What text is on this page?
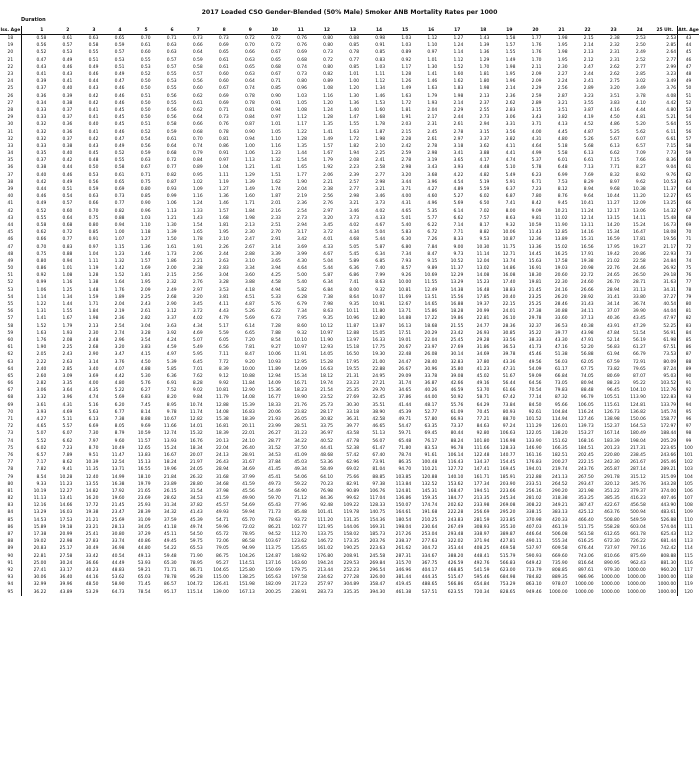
2017 Loaded CSO Gender-Blended (50% Male) Smoker ANB Mortality Rates per 1000
Duration
Iss. Age	1	2	3	4	5	6	7	8	9	10	11	12	13	14	15	16	17	18	19	20	21	22	23	24	25 Ult.	Att. Age
18	0.58	0.61	0.63	0.65	0.70	0.71	0.73	0.73	0.72	0.72	0.76	0.80	0.88	0.98	1.03	1.12	1.27	1.43	1.58	1.77	1.98	2.15	2.38	2.53	2.53	43
19	0.56	0.57	0.58	0.59	0.61	0.63	0.66	0.69	0.70	0.72	0.76	0.80	0.85	0.91	1.03	1.10	1.24	1.39	1.57	1.76	1.95	2.14	2.32	2.50	2.85	44
20	0.52	0.53	0.55	0.57	0.60	0.63	0.64	0.65	0.66	0.67	0.69	0.73	0.78	0.85	0.89	0.97	1.14	1.36	1.55	1.76	1.98	2.13	2.31	2.49	2.64	45
21	0.47	0.49	0.51	0.53	0.55	0.57	0.59	0.61	0.63	0.65	0.68	0.72	0.77	0.83	0.92	1.01	1.12	1.29	1.49	1.70	1.95	2.12	2.31	2.52	2.77	46
22	0.43	0.46	0.49	0.51	0.53	0.57	0.58	0.61	0.65	0.68	0.74	0.80	0.85	1.03	1.17	1.30	1.52	1.70	1.98	2.11	2.30	2.47	2.62	2.77	2.99	47
23	0.41	0.43	0.46	0.49	0.52	0.55	0.57	0.60	0.63	0.67	0.73	0.82	1.01	1.11	1.28	1.41	1.60	1.81	1.95	2.09	2.27	2.44	2.62	2.85	3.23	48
24	0.39	0.41	0.44	0.47	0.50	0.53	0.56	0.60	0.64	0.71	0.80	0.89	1.00	1.12	1.26	1.46	1.62	1.80	1.96	2.09	2.24	2.41	2.75	3.02	3.49	49
25	0.37	0.40	0.43	0.46	0.50	0.55	0.60	0.67	0.74	0.85	0.96	1.08	1.20	1.34	1.49	1.63	1.83	1.98	2.14	2.29	2.56	2.89	3.20	3.49	3.76	50
26	0.36	0.39	0.42	0.46	0.51	0.56	0.62	0.69	0.78	0.90	1.03	1.16	1.30	1.46	1.63	1.79	1.98	2.13	2.36	2.59	2.87	3.23	3.51	3.78	4.08	51
27	0.34	0.38	0.42	0.46	0.50	0.55	0.61	0.69	0.78	0.91	1.05	1.20	1.36	1.53	1.72	1.93	2.14	2.37	2.62	2.89	3.21	3.55	3.83	4.10	4.42	52
28	0.33	0.37	0.41	0.45	0.50	0.56	0.62	0.71	0.81	0.94	1.08	1.24	1.40	1.60	1.81	2.04	2.29	2.55	2.83	3.15	3.51	3.87	4.16	4.44	4.80	53
29	0.33	0.37	0.41	0.45	0.50	0.56	0.64	0.73	0.84	0.97	1.12	1.28	1.47	1.68	1.91	2.17	2.44	2.73	3.06	3.43	3.82	4.19	4.50	4.81	5.21	54
30	0.32	0.36	0.40	0.45	0.51	0.58	0.66	0.76	0.87	1.01	1.17	1.35	1.55	1.78	2.03	2.31	2.61	2.94	3.31	3.71	4.13	4.52	4.86	5.20	5.64	55
31	0.32	0.36	0.41	0.46	0.52	0.59	0.68	0.78	0.90	1.05	1.22	1.41	1.63	1.87	2.15	2.45	2.78	3.15	3.56	4.00	4.45	4.87	5.25	5.62	6.11	56
32	0.32	0.37	0.42	0.47	0.54	0.61	0.70	0.81	0.94	1.10	1.28	1.49	1.72	1.98	2.28	2.61	2.97	3.37	3.82	4.31	4.80	5.26	5.67	6.07	6.61	57
33	0.33	0.38	0.43	0.49	0.56	0.64	0.74	0.86	1.00	1.16	1.35	1.57	1.82	2.10	2.42	2.78	3.18	3.62	4.11	4.64	5.18	5.68	6.13	6.57	7.15	58
34	0.35	0.40	0.45	0.52	0.59	0.68	0.79	0.91	1.06	1.23	1.44	1.67	1.94	2.25	2.59	2.98	3.41	3.88	4.41	4.99	5.58	6.13	6.62	7.09	7.73	59
35	0.37	0.42	0.48	0.55	0.63	0.72	0.84	0.97	1.13	1.32	1.54	1.79	2.08	2.41	2.78	3.19	3.65	4.17	4.74	5.37	6.01	6.61	7.15	7.66	8.36	60
36	0.38	0.44	0.50	0.58	0.67	0.77	0.89	1.04	1.21	1.41	1.65	1.92	2.23	2.58	2.98	3.43	3.93	4.48	5.10	5.78	6.48	7.13	7.71	8.27	9.04	61
37	0.40	0.46	0.53	0.61	0.71	0.82	0.95	1.11	1.29	1.51	1.77	2.06	2.39	2.77	3.20	3.68	4.22	4.82	5.49	6.23	6.99	7.69	8.32	8.92	9.76	62
38	0.42	0.49	0.56	0.65	0.75	0.87	1.02	1.19	1.39	1.62	1.90	2.21	2.57	2.98	3.44	3.96	4.54	5.19	5.91	6.71	7.53	8.29	8.97	9.62	10.53	63
39	0.44	0.51	0.59	0.69	0.80	0.93	1.09	1.27	1.49	1.74	2.04	2.38	2.77	3.21	3.71	4.27	4.89	5.59	6.37	7.23	8.12	8.94	9.68	10.38	11.37	64
40	0.46	0.54	0.63	0.73	0.85	0.99	1.16	1.36	1.60	1.87	2.19	2.56	2.98	3.46	4.00	4.60	5.27	6.02	6.87	7.80	8.76	9.64	10.44	11.20	12.27	65
41	0.49	0.57	0.66	0.77	0.90	1.06	1.24	1.46	1.71	2.01	2.36	2.76	3.21	3.73	4.31	4.96	5.69	6.50	7.41	8.42	9.45	10.41	11.27	12.09	13.25	66
42	0.52	0.60	0.70	0.82	0.96	1.13	1.33	1.57	1.84	2.16	2.54	2.97	3.46	4.02	4.65	5.35	6.14	7.02	8.00	9.09	10.21	11.24	12.17	13.06	14.32	67
43	0.55	0.64	0.75	0.88	1.03	1.21	1.43	1.68	1.98	2.33	2.73	3.20	3.73	4.33	5.01	5.77	6.62	7.57	8.63	9.81	11.02	12.14	13.15	14.11	15.48	68
44	0.58	0.68	0.80	0.94	1.10	1.30	1.54	1.81	2.13	2.51	2.94	3.45	4.02	4.67	5.40	6.22	7.14	8.17	9.32	10.59	11.90	13.11	14.20	15.24	16.73	69
45	0.62	0.72	0.85	1.00	1.18	1.39	1.65	1.95	2.30	2.70	3.17	3.72	4.34	5.04	5.83	6.72	7.71	8.82	10.06	11.43	12.85	14.16	15.34	16.47	18.08	70
46	0.66	0.77	0.91	1.07	1.27	1.50	1.78	2.10	2.47	2.91	3.42	4.01	4.68	5.44	6.30	7.26	8.33	9.53	10.87	12.36	13.89	15.31	16.59	17.81	19.56	71
47	0.70	0.83	0.97	1.15	1.36	1.61	1.91	2.26	2.67	3.14	3.69	4.33	5.05	5.87	6.80	7.84	9.00	10.30	11.75	13.36	15.02	16.56	17.95	19.27	21.17	72
48	0.75	0.88	1.04	1.23	1.46	1.73	2.06	2.44	2.88	3.39	3.99	4.67	5.45	6.34	7.34	8.47	9.73	11.14	12.71	14.45	16.25	17.91	19.42	20.86	22.93	73
49	0.80	0.94	1.11	1.32	1.57	1.86	2.21	2.63	3.10	3.65	4.30	5.04	5.89	6.85	7.93	9.15	10.52	12.04	13.74	15.63	17.58	19.38	21.02	22.58	24.84	74
50	0.86	1.01	1.19	1.42	1.69	2.00	2.38	2.83	3.34	3.94	4.64	5.44	6.36	7.40	8.57	9.89	11.37	13.02	14.86	16.91	19.03	20.98	22.76	24.46	26.92	75
51	0.92	1.08	1.28	1.52	1.81	2.15	2.56	3.04	3.60	4.25	5.00	5.87	6.86	7.99	9.26	10.69	12.29	14.08	16.08	18.30	20.60	22.72	24.65	26.50	29.18	76
52	0.99	1.16	1.38	1.64	1.95	2.32	2.76	3.28	3.88	4.58	5.40	6.34	7.41	8.63	10.00	11.55	13.29	15.23	17.40	19.81	22.30	24.60	26.70	28.71	31.63	77
53	1.06	1.25	1.48	1.76	2.09	2.49	2.97	3.53	4.18	4.94	5.82	6.84	8.00	9.32	10.81	12.49	14.38	16.48	18.83	21.45	24.16	26.66	28.94	31.13	34.31	78
54	1.14	1.34	1.59	1.89	2.25	2.68	3.20	3.81	4.51	5.33	6.28	7.38	8.64	10.07	11.69	13.51	15.56	17.85	20.40	23.25	26.20	28.92	31.41	33.80	37.27	79
55	1.22	1.44	1.71	2.04	2.43	2.90	3.45	4.11	4.87	5.76	6.79	7.98	9.35	10.91	12.67	14.65	16.88	19.37	22.15	25.25	28.46	31.43	34.14	36.74	40.54	80
56	1.31	1.55	1.84	2.19	2.61	3.12	3.72	4.43	5.26	6.22	7.34	8.63	10.11	11.80	13.71	15.86	18.28	20.99	24.01	27.38	30.88	34.11	37.07	39.90	44.04	81
57	1.41	1.67	1.98	2.36	2.82	3.37	4.02	4.79	5.69	6.73	7.95	9.35	10.96	12.80	14.88	17.22	19.86	22.81	26.10	29.78	33.60	37.13	40.36	43.45	47.97	82
58	1.52	1.79	2.13	2.54	3.04	3.63	4.34	5.17	6.14	7.28	8.60	10.12	11.87	13.87	16.13	18.68	21.55	24.77	28.36	32.37	36.53	40.38	43.91	47.29	52.25	83
59	1.63	1.93	2.30	2.74	3.28	3.92	4.69	5.59	6.65	7.88	9.32	10.97	12.88	15.05	17.51	20.29	23.42	26.93	30.85	35.22	39.77	43.98	47.84	51.54	56.91	84
60	1.76	2.08	2.48	2.96	3.54	4.24	5.07	6.05	7.20	8.54	10.10	11.90	13.97	16.33	19.01	22.04	25.45	29.28	33.56	38.33	43.30	47.91	52.14	56.19	61.98	85
61	1.90	2.25	2.68	3.20	3.83	4.59	5.49	6.56	7.81	9.27	10.97	12.93	15.18	17.75	20.67	23.97	27.69	31.86	36.53	41.73	47.16	52.20	56.83	61.27	67.51	86
62	2.05	2.43	2.90	3.47	4.15	4.97	5.95	7.11	8.47	10.06	11.91	14.05	16.50	19.30	22.48	26.08	30.14	34.69	39.78	45.46	51.38	56.88	61.94	66.79	73.53	87
63	2.22	2.63	3.14	3.76	4.50	5.39	6.45	7.72	9.20	10.93	12.95	15.28	17.95	21.00	24.47	28.40	32.83	37.80	43.36	49.56	56.03	62.05	67.59	72.91	80.09	88
64	2.40	2.85	3.40	4.07	4.88	5.85	7.01	8.39	10.00	11.89	14.09	16.63	19.55	22.88	26.67	30.96	35.80	41.23	47.31	54.09	61.17	67.75	73.82	79.65	87.24	89
65	2.60	3.09	3.69	4.42	5.30	6.36	7.62	9.12	10.88	12.94	15.34	18.12	21.31	24.95	29.09	33.78	39.08	45.02	51.67	59.09	66.84	74.05	80.69	87.07	95.03	90
66	2.82	3.35	4.00	4.80	5.76	6.91	8.28	9.92	11.84	14.09	16.71	19.74	23.23	27.21	31.74	36.87	42.66	49.16	56.44	64.56	73.05	80.94	88.23	95.22	103.52	91
67	3.06	3.64	4.35	5.22	6.27	7.52	9.02	10.81	12.90	15.36	18.23	21.54	25.35	29.70	34.65	40.26	46.59	53.70	61.66	70.54	79.83	88.48	96.45	104.10	112.76	92
68	3.32	3.96	4.74	5.69	6.83	8.20	9.84	11.79	14.08	16.77	19.90	23.52	27.69	32.45	37.86	44.00	50.92	58.71	67.42	77.14	87.32	96.79	105.51	113.90	122.83	93
69	3.61	4.31	5.16	6.20	7.45	8.95	10.74	12.88	15.39	18.33	21.76	25.73	30.30	35.51	41.44	48.17	55.76	64.29	73.84	84.50	95.66	106.05	115.61	124.81	133.79	94
70	3.93	4.69	5.63	6.77	8.14	9.78	11.74	14.08	16.83	20.06	23.82	28.17	33.18	38.90	45.39	52.77	61.09	70.45	80.93	92.61	104.84	116.24	126.73	136.82	145.74	95
71	4.27	5.11	6.13	7.38	8.88	10.67	12.82	15.38	18.39	21.93	26.05	30.82	36.31	42.58	49.71	57.80	66.93	77.21	88.70	101.52	114.94	127.46	138.98	150.06	158.77	96
72	4.65	5.57	6.69	8.05	9.69	11.66	14.01	16.81	20.11	23.99	28.51	33.75	39.77	46.65	54.47	63.35	73.37	84.63	97.24	111.29	126.01	139.73	152.37	164.53	172.97	97
73	5.07	6.07	7.30	8.79	10.59	12.74	15.32	18.39	22.01	26.27	31.23	36.97	43.58	51.13	59.71	69.45	80.44	92.80	106.63	122.05	138.20	153.27	167.14	180.49	188.44	98
74	5.52	6.62	7.97	9.60	11.57	13.93	16.76	20.13	24.10	28.77	34.22	40.52	47.78	56.07	65.48	76.17	88.24	101.80	116.98	133.90	151.62	168.16	183.39	198.04	205.29	99
75	6.02	7.23	8.70	10.49	12.65	15.24	18.34	22.04	26.40	31.52	37.50	44.41	52.38	61.47	71.80	83.53	96.78	111.66	128.33	146.90	166.35	184.51	201.23	217.31	223.65	100
76	6.57	7.89	9.51	11.47	13.83	16.67	20.07	24.13	28.91	34.53	41.09	48.68	57.42	67.40	78.74	91.61	106.14	122.48	140.77	161.16	182.51	202.45	220.80	238.45	243.66	101
77	7.17	8.62	10.39	12.54	15.13	18.24	21.97	26.43	31.67	37.84	45.03	53.36	62.96	73.91	86.35	100.48	116.43	134.37	154.45	176.83	200.27	222.15	242.30	261.67	265.46	102
78	7.82	9.41	11.35	13.71	16.55	19.96	24.05	28.94	34.69	41.45	49.34	58.49	69.02	81.04	94.70	110.21	127.72	147.41	169.45	194.01	219.74	243.76	265.87	287.14	289.21	103
79	8.54	10.28	12.40	14.99	18.10	21.84	26.32	31.68	37.99	45.41	54.06	64.10	75.66	88.85	103.85	120.88	140.10	161.71	185.91	212.88	241.13	267.50	291.78	315.12	315.09	104
80	9.33	11.23	13.55	16.38	19.79	23.89	28.80	34.68	41.59	49.73	59.22	70.23	82.91	97.38	113.84	132.52	153.62	177.34	203.90	233.51	264.52	293.47	320.12	345.76	343.28	105
81	10.19	12.27	14.82	17.92	21.65	26.15	31.54	37.98	45.56	54.49	64.90	76.98	90.89	106.76	124.81	145.31	168.47	194.51	223.66	256.16	290.20	321.98	351.22	379.37	374.00	106
82	11.13	13.41	16.20	19.60	23.69	28.62	34.53	41.59	49.90	59.70	71.12	84.36	99.62	117.04	136.86	159.35	184.77	213.35	245.34	281.02	318.38	353.25	385.35	416.23	407.46	107
83	12.16	14.66	17.72	21.45	25.93	31.34	37.82	45.57	54.69	65.43	77.96	92.48	109.22	128.33	150.07	174.74	202.62	233.98	269.08	308.22	349.21	387.47	422.67	456.58	443.90	108
84	13.29	16.03	19.38	23.47	28.39	34.32	41.43	49.93	59.94	71.73	85.48	101.41	119.78	140.75	164.61	191.68	222.28	256.69	295.20	338.15	383.13	425.12	463.76	500.94	483.61	109
85	14.53	17.53	21.21	25.69	31.09	37.59	45.39	54.71	65.70	78.63	93.72	111.20	131.35	154.36	180.54	210.25	243.83	281.59	323.85	370.98	420.33	466.40	508.80	549.59	526.88	110
86	15.89	19.18	23.21	28.13	34.05	41.18	49.74	59.96	72.02	86.21	102.77	121.95	144.06	169.31	198.04	230.64	267.49	308.93	355.30	407.03	461.19	511.75	558.28	603.04	574.04	111
87	17.38	20.99	25.41	30.80	37.29	45.11	54.50	65.72	78.95	94.52	112.70	133.75	158.02	185.73	217.26	253.04	293.48	338.97	389.87	446.64	506.08	561.58	612.65	661.78	625.43	112
88	19.02	22.98	27.83	33.74	40.86	49.45	59.75	72.06	86.58	103.67	123.62	146.72	173.35	203.76	238.37	277.63	322.02	371.94	427.81	490.11	555.34	616.25	672.30	726.22	681.44	113
89	20.83	25.17	30.49	36.98	44.80	54.22	65.53	79.05	94.99	113.75	135.65	161.02	190.25	223.63	261.62	304.72	353.44	408.25	469.58	537.97	609.58	676.44	737.97	797.16	742.42	114
90	22.81	27.58	33.42	40.54	49.13	59.48	71.90	86.75	104.26	124.87	148.92	176.80	208.91	245.58	287.31	334.67	388.20	448.41	515.79	590.93	669.60	743.06	810.66	875.69	808.88	115
91	25.00	30.24	36.66	44.49	53.93	65.30	78.95	95.27	114.51	137.16	163.60	194.24	229.53	269.84	315.70	367.75	426.59	492.76	566.83	649.42	735.90	816.64	890.95	962.43	881.30	116
92	27.41	33.17	40.23	48.83	59.21	71.71	86.71	104.65	125.80	150.69	179.75	213.44	252.23	296.54	346.96	404.17	468.85	541.59	623.00	713.79	808.85	897.61	979.30	1000.00	960.20	117
93	30.06	36.40	44.16	53.62	65.03	78.78	95.28	115.00	138.25	165.63	197.58	234.62	277.28	326.00	381.44	444.35	515.47	595.46	684.98	784.82	889.35	986.96	1000.00	1000.00	1000.00	118
94	32.99	39.96	48.50	58.90	71.45	86.57	104.72	126.41	151.98	182.09	217.23	257.97	304.89	358.47	419.45	488.65	566.86	654.84	753.29	863.10	978.07	1000.00	1000.00	1000.00	1000.00	119
95	36.22	43.89	53.29	64.73	78.54	95.17	115.14	139.00	167.13	200.25	238.91	283.73	335.35	394.30	461.38	537.51	623.55	720.34	828.65	949.46	1000.00	1000.00	1000.00	1000.00	1000.00	120
